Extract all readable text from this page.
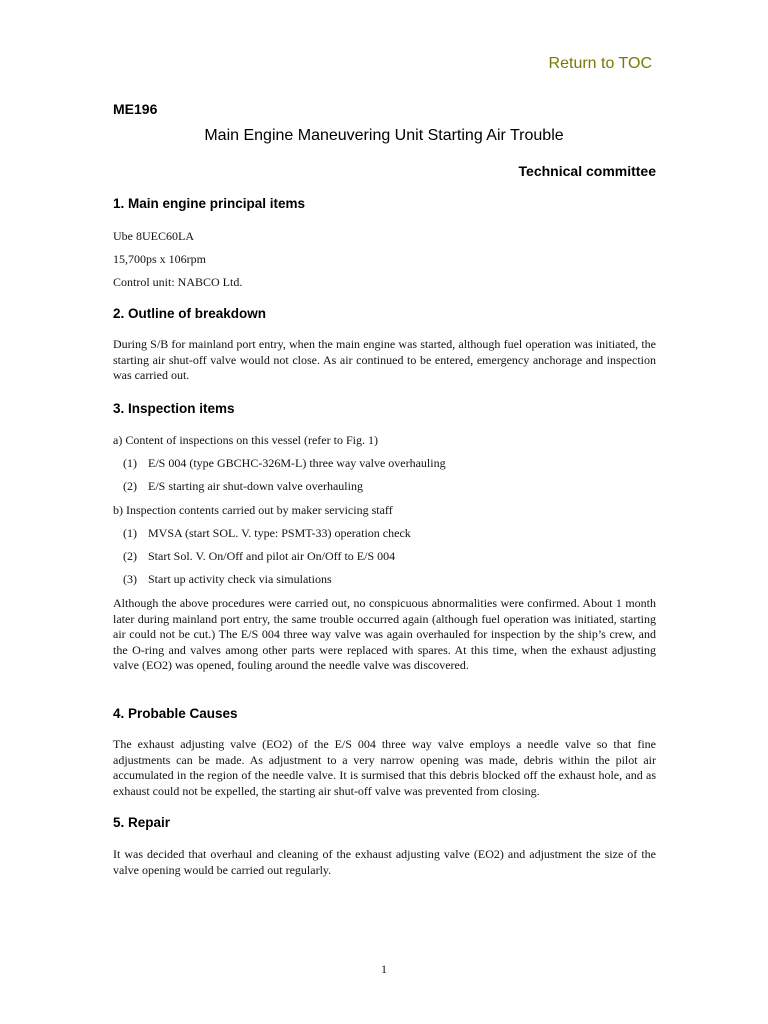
Return to TOC
ME196
Main Engine Maneuvering Unit Starting Air Trouble
Technical committee
1. Main engine principal items
Ube 8UEC60LA
15,700ps x 106rpm
Control unit: NABCO Ltd.
2. Outline of breakdown
During S/B for mainland port entry, when the main engine was started, although fuel operation was initiated, the starting air shut-off valve would not close. As air continued to be entered, emergency anchorage and inspection was carried out.
3. Inspection items
a) Content of inspections on this vessel (refer to Fig. 1)
(1) E/S 004 (type GBCHC-326M-L) three way valve overhauling
(2) E/S starting air shut-down valve overhauling
b) Inspection contents carried out by maker servicing staff
(1) MVSA (start SOL. V. type: PSMT-33) operation check
(2) Start Sol. V. On/Off and pilot air On/Off to E/S 004
(3) Start up activity check via simulations
Although the above procedures were carried out, no conspicuous abnormalities were confirmed. About 1 month later during mainland port entry, the same trouble occurred again (although fuel operation was initiated, starting air could not be cut.) The E/S 004 three way valve was again overhauled for inspection by the ship’s crew, and the O-ring and valves among other parts were replaced with spares. At this time, when the exhaust adjusting valve (EO2) was opened, fouling around the needle valve was discovered.
4. Probable Causes
The exhaust adjusting valve (EO2) of the E/S 004 three way valve employs a needle valve so that fine adjustments can be made. As adjustment to a very narrow opening was made, debris within the pilot air accumulated in the region of the needle valve. It is surmised that this debris blocked off the exhaust hole, and as exhaust could not be expelled, the starting air shut-off valve was prevented from closing.
5. Repair
It was decided that overhaul and cleaning of the exhaust adjusting valve (EO2) and adjustment the size of the valve opening would be carried out regularly.
1
